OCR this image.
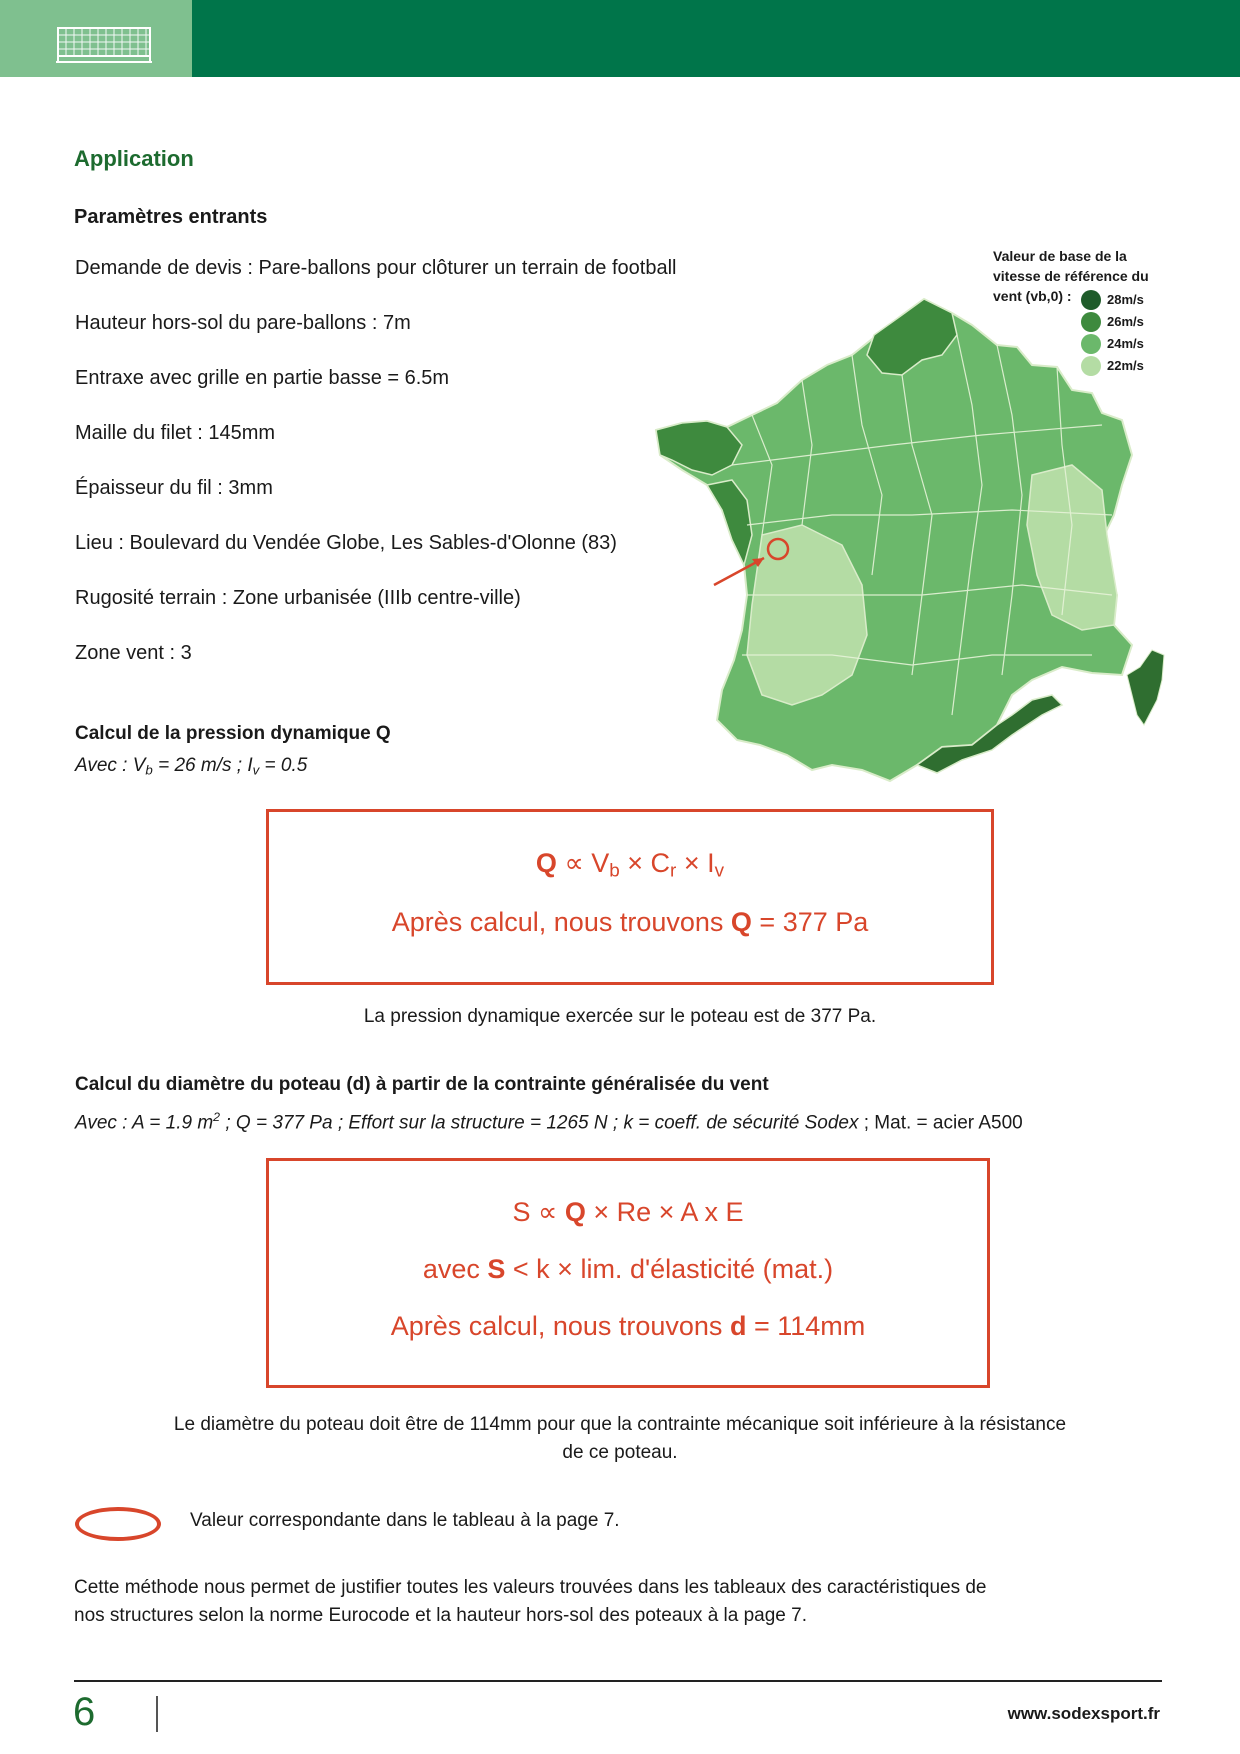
Application
Paramètres entrants
Demande de devis : Pare-ballons pour clôturer un terrain de football
Hauteur hors-sol du pare-ballons : 7m
Entraxe avec grille en partie basse = 6.5m
Maille du filet : 145mm
Épaisseur du fil : 3mm
Lieu : Boulevard du Vendée Globe, Les Sables-d'Olonne (83)
Rugosité terrain : Zone urbanisée (IIIb centre-ville)
Zone vent : 3
Valeur de base de la
vitesse de référence du
vent (vb,0) :	28m/s
26m/s
24m/s
22m/s
Calcul de la pression dynamique Q
Avec : $V_b = 26$ m/s ; $I_v = 0.5$
$Q \propto V_b \times C_r \times I_v$
Après calcul, nous trouvons Q = 377 Pa
La pression dynamique exercée sur le poteau est de 377 Pa.
Calcul du diamètre du poteau (d) à partir de la contrainte généralisée du vent
Avec : A = 1.9 $m^2$ ; Q = 377 Pa ; Effort sur la structure = 1265 N ; k = coeff. de sécurité Sodex ; Mat. = acier A500
S ∝ Q × Re × A x E
avec S < k × lim. d'élasticité (mat.)
Après calcul, nous trouvons d = 114mm
Le diamètre du poteau doit être de 114mm pour que la contrainte mécanique soit inférieure à la résistance
de ce poteau.
Valeur correspondante dans le tableau à la page 7.
Cette méthode nous permet de justifier toutes les valeurs trouvées dans les tableaux des caractéristiques de
nos structures selon la norme Eurocode et la hauteur hors-sol des poteaux à la page 7.
6	www.sodexsport.fr
